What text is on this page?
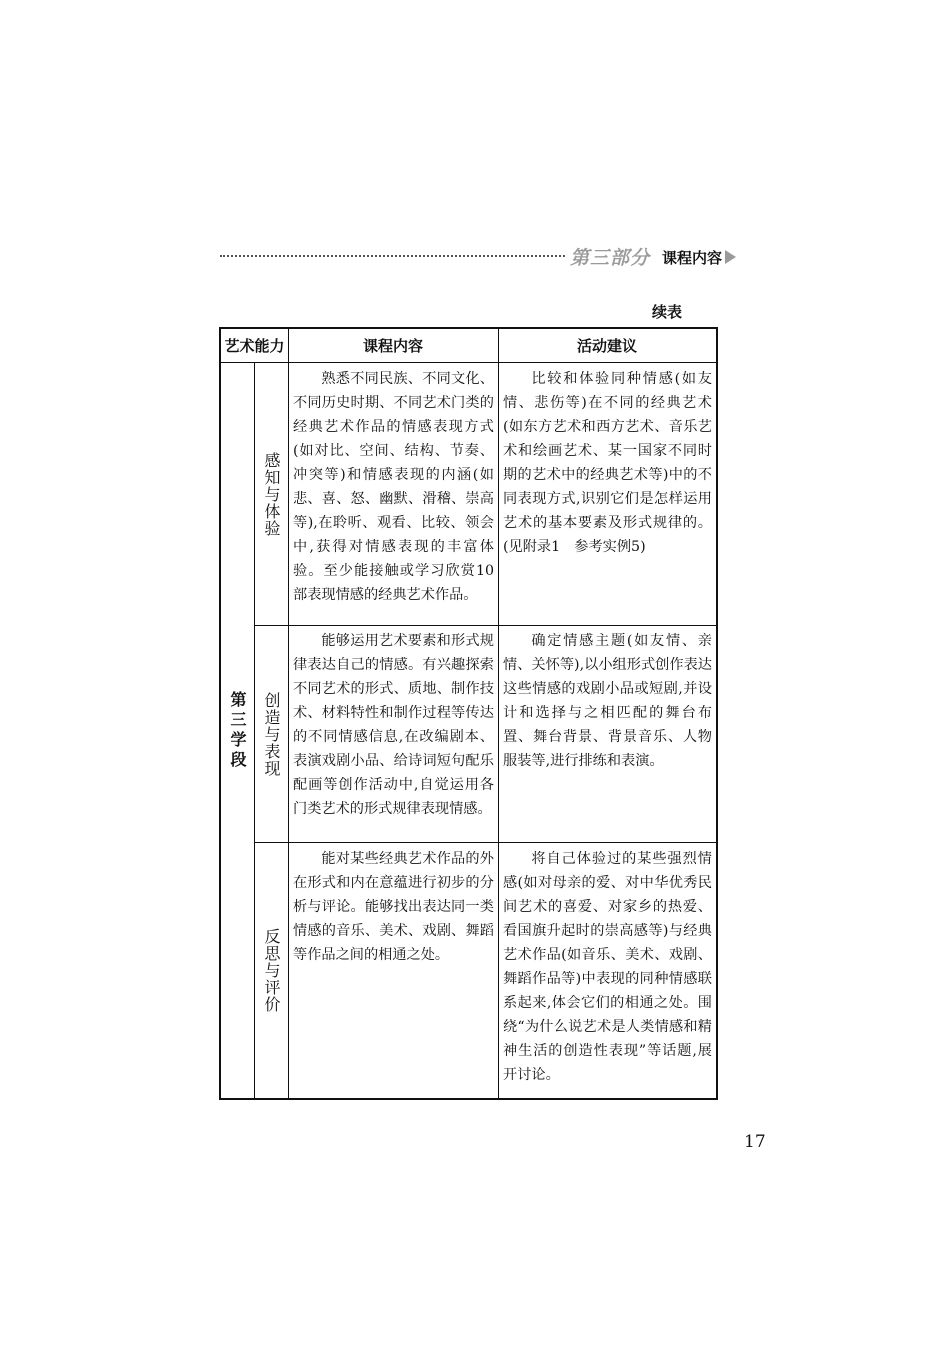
第三部分 课程内容
续表
艺术能力	课程内容	活动建议
第三学段
感知与体验
熟悉不同民族、不同文化、不同历史时期、不同艺术门类的经典艺术作品的情感表现方式(如对比、空间、结构、节奏、冲突等)和情感表现的内涵(如悲、喜、怒、幽默、滑稽、崇高等),在聆听、观看、比较、领会中,获得对情感表现的丰富体验。至少能接触或学习欣赏10部表现情感的经典艺术作品。
比较和体验同种情感(如友情、悲伤等)在不同的经典艺术(如东方艺术和西方艺术、音乐艺术和绘画艺术、某一国家不同时期的艺术中的经典艺术等)中的不同表现方式,识别它们是怎样运用艺术的基本要素及形式规律的。(见附录1　参考实例5)
创造与表现
能够运用艺术要素和形式规律表达自己的情感。有兴趣探索不同艺术的形式、质地、制作技术、材料特性和制作过程等传达的不同情感信息,在改编剧本、表演戏剧小品、给诗词短句配乐配画等创作活动中,自觉运用各门类艺术的形式规律表现情感。
确定情感主题(如友情、亲情、关怀等),以小组形式创作表达这些情感的戏剧小品或短剧,并设计和选择与之相匹配的舞台布置、舞台背景、背景音乐、人物服装等,进行排练和表演。
反思与评价
能对某些经典艺术作品的外在形式和内在意蕴进行初步的分析与评论。能够找出表达同一类情感的音乐、美术、戏剧、舞蹈等作品之间的相通之处。
将自己体验过的某些强烈情感(如对母亲的爱、对中华优秀民间艺术的喜爱、对家乡的热爱、看国旗升起时的崇高感等)与经典艺术作品(如音乐、美术、戏剧、舞蹈作品等)中表现的同种情感联系起来,体会它们的相通之处。围绕“为什么说艺术是人类情感和精神生活的创造性表现”等话题,展开讨论。
17
